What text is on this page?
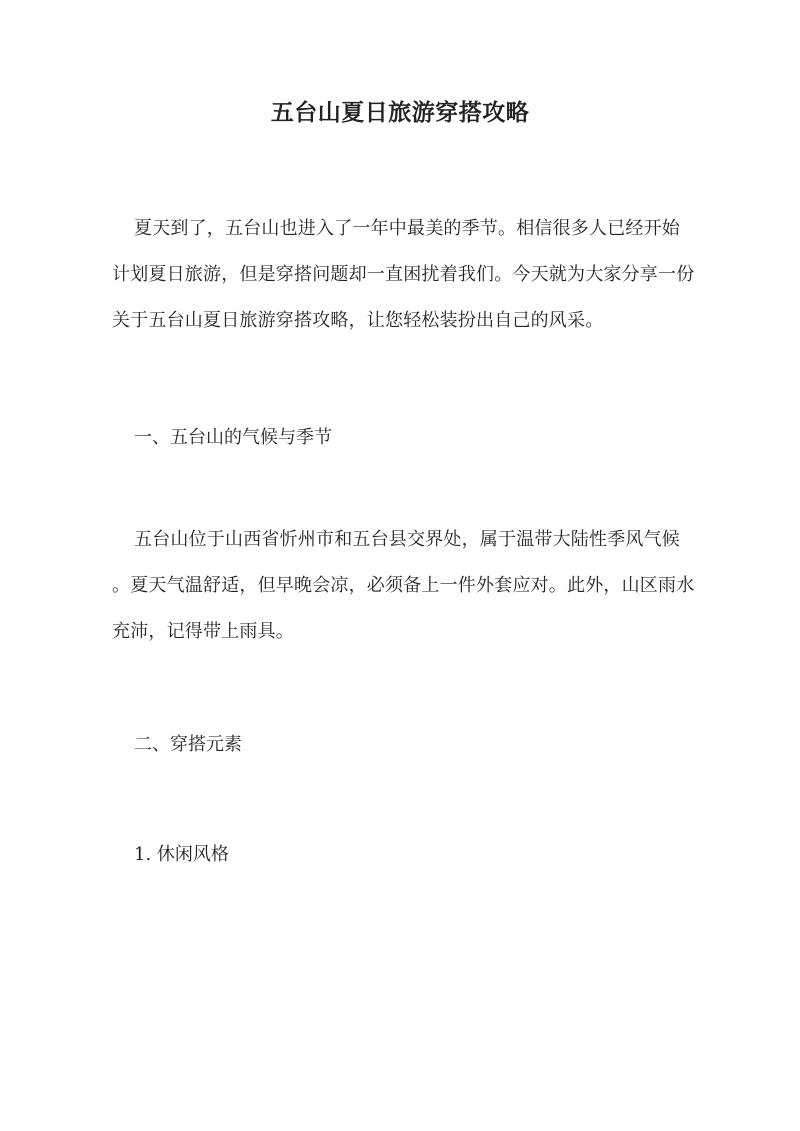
五台山夏日旅游穿搭攻略
夏天到了，五台山也进入了一年中最美的季节。相信很多人已经开始
计划夏日旅游，但是穿搭问题却一直困扰着我们。今天就为大家分享一份
关于五台山夏日旅游穿搭攻略，让您轻松装扮出自己的风采。
一、五台山的气候与季节
五台山位于山西省忻州市和五台县交界处，属于温带大陆性季风气候
。夏天气温舒适，但早晚会凉，必须备上一件外套应对。此外，山区雨水
充沛，记得带上雨具。
二、穿搭元素
1. 休闲风格
